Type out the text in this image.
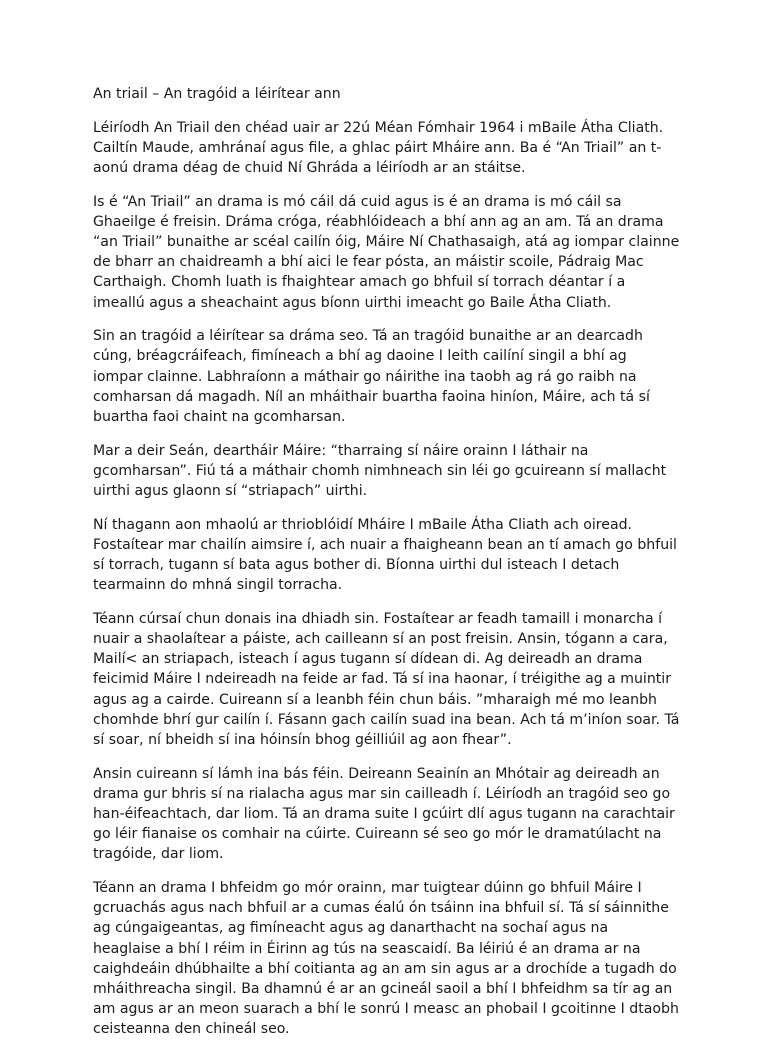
An triail – An tragóid a léirítear ann

Léiríodh An Triail den chéad uair ar 22ú Méan Fómhair 1964 i mBaile Átha Cliath. Cailtín Maude, amhránaí agus file, a ghlac páirt Mháire ann. Ba é “An Triail” an t-aonú drama déag de chuid Ní Ghráda a léiríodh ar an stáitse.

Is é “An Triail” an drama is mó cáil dá cuid agus is é an drama is mó cáil sa Ghaeilge é freisin. Dráma cróga, réabhlóideach a bhí ann ag an am. Tá an drama “an Triail” bunaithe ar scéal cailín óig, Máire Ní Chathasaigh, atá ag iompar clainne de bharr an chaidreamh a bhí aici le fear pósta, an máistir scoile, Pádraig Mac Carthaigh. Chomh luath is fhaightear amach go bhfuil sí torrach déantar í a imeallú agus a sheachaint agus bíonn uirthi imeacht go Baile Átha Cliath.

Sin an tragóid a léirítear sa dráma seo. Tá an tragóid bunaithe ar an dearcadh cúng, bréagcráifeach, fimíneach a bhí ag daoine I leith cailíní singil a bhí ag iompar clainne. Labhraíonn a máthair go náirithe ina taobh ag rá go raibh na comharsan dá magadh. Níl an mháithair buartha faoina hiníon, Máire, ach tá sí buartha faoi chaint na gcomharsan.

Mar a deir Seán, deartháir Máire: “tharraing sí náire orainn I láthair na gcomharsan”. Fiú tá a máthair chomh nimhneach sin léi go gcuireann sí mallacht uirthi agus glaonn sí “striapach” uirthi.

Ní thagann aon mhaolú ar thrioblóidí Mháire I mBaile Átha Cliath ach oiread. Fostaítear mar chailín aimsire í, ach nuair a fhaigheann bean an tí amach go bhfuil sí torrach, tugann sí bata agus bother di. Bíonna uirthi dul isteach I detach tearmainn do mhná singil torracha.

Téann cúrsaí chun donais ina dhiadh sin. Fostaítear ar feadh tamaill i monarcha í nuair a shaolaítear a páiste, ach cailleann sí an post freisin. Ansin, tógann a cara, Mailí< an striapach, isteach í agus tugann sí dídean di. Ag deireadh an drama feicimid Máire I ndeireadh na feide ar fad. Tá sí ina haonar, í tréigithe ag a muintir agus ag a cairde. Cuireann sí a leanbh féin chun báis. ”mharaigh mé mo leanbh chomhde bhrí gur cailín í. Fásann gach cailín suad ina bean. Ach tá m’iníon soar. Tá sí soar, ní bheidh sí ina hóinsín bhog géilliúil ag aon fhear”.

Ansin cuireann sí lámh ina bás féin. Deireann Seainín an Mhótair ag deireadh an drama gur bhris sí na rialacha agus mar sin cailleadh í. Léiríodh an tragóid seo go han-éifeachtach, dar liom. Tá an drama suite I gcúirt dlí agus tugann na carachtair go léir fianaise os comhair na cúirte. Cuireann sé seo go mór le dramatúlacht na tragóide, dar liom.

Téann an drama I bhfeidm go mór orainn, mar tuigtear dúinn go bhfuil Máire I gcruachás agus nach bhfuil ar a cumas éalú ón tsáinn ina bhfuil sí. Tá sí sáinnithe ag cúngaigeantas, ag fimíneacht agus ag danarthacht na sochaí agus na heaglaise a bhí I réim in Éirinn ag tús na seascaidí. Ba léiriú é an drama ar na caighdeáin dhúbhailte a bhí coitianta ag an am sin agus ar a drochíde a tugadh do mháithreacha singil. Ba dhamnú é ar an gcineál saoil a bhí I bhfeidhm sa tír ag an am agus ar an meon suarach a bhí le sonrú I measc an phobail I gcoitinne I dtaobh ceisteanna den chineál seo.
